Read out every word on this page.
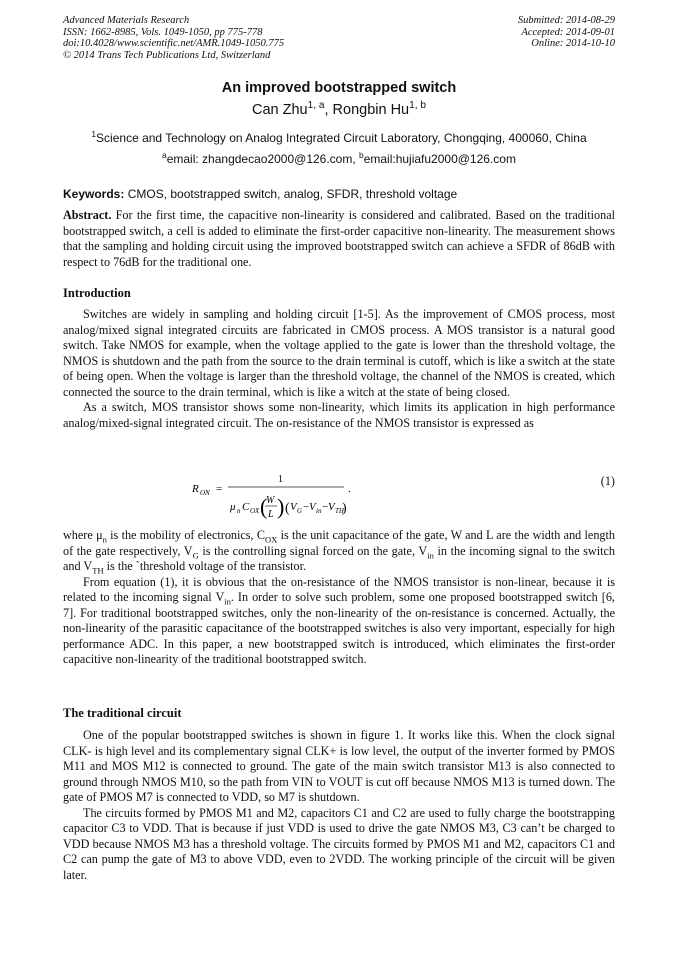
Advanced Materials Research
ISSN: 1662-8985, Vols. 1049-1050, pp 775-778
doi:10.4028/www.scientific.net/AMR.1049-1050.775
© 2014 Trans Tech Publications Ltd, Switzerland
Submitted: 2014-08-29
Accepted: 2014-09-01
Online: 2014-10-10
An improved bootstrapped switch
Can Zhu$^{1, a}$, Rongbin Hu$^{1, b}$
$^1$Science and Technology on Analog Integrated Circuit Laboratory, Chongqing, 400060, China
$^a$email: zhangdecao2000@126.com, $^b$email:hujiafu2000@126.com
Keywords: CMOS, bootstrapped switch, analog, SFDR, threshold voltage

Abstract. For the first time, the capacitive non-linearity is considered and calibrated. Based on the traditional bootstrapped switch, a cell is added to eliminate the first-order capacitive non-linearity. The measurement shows that the sampling and holding circuit using the improved bootstrapped switch can achieve a SFDR of 86dB with respect to 76dB for the traditional one.

Introduction

Switches are widely in sampling and holding circuit [1-5]. As the improvement of CMOS process, most analog/mixed signal integrated circuits are fabricated in CMOS process. A MOS transistor is a natural good switch. Take NMOS for example, when the voltage applied to the gate is lower than the threshold voltage, the NMOS is shutdown and the path from the source to the drain terminal is cutoff, which is like a switch at the state of being open. When the voltage is larger than the threshold voltage, the channel of the NMOS is created, which connected the source to the drain terminal, which is like a witch at the state of being closed.

As a switch, MOS transistor shows some non-linearity, which limits its application in high performance analog/mixed-signal integrated circuit. The on-resistance of the NMOS transistor is expressed as

R ON =
1
μ n C OX (
W
L ) ( V G − V in − V TH
)
.
(1)

where $\mu_n$ is the mobility of electronics, $C_{OX}$ is the unit capacitance of the gate, W and L are the width and length of the gate respectively, $V_G$ is the controlling signal forced on the gate, $V_{in}$ in the incoming signal to the switch and $V_{TH}$ is the `threshold voltage of the transistor.

From equation (1), it is obvious that the on-resistance of the NMOS transistor is non-linear, because it is related to the incoming signal $V_{in}$. In order to solve such problem, some one proposed bootstrapped switch [6, 7]. For traditional bootstrapped switches, only the non-linearity of the on-resistance is concerned. Actually, the non-linearity of the parasitic capacitance of the bootstrapped switches is also very important, especially for high performance ADC. In this paper, a new bootstrapped switch is introduced, which eliminates the first-order capacitive non-linearity of the traditional bootstrapped switch.

The traditional circuit

One of the popular bootstrapped switches is shown in figure 1. It works like this. When the clock signal CLK- is high level and its complementary signal CLK+ is low level, the output of the inverter formed by PMOS M11 and MOS M12 is connected to ground. The gate of the main switch transistor M13 is also connected to ground through NMOS M10, so the path from VIN to VOUT is cut off because NMOS M13 is turned down. The gate of PMOS M7 is connected to VDD, so M7 is shutdown.

The circuits formed by PMOS M1 and M2, capacitors C1 and C2 are used to fully charge the bootstrapping capacitor C3 to VDD. That is because if just VDD is used to drive the gate NMOS M3, C3 can’t be charged to VDD because NMOS M3 has a threshold voltage. The circuits formed by PMOS M1 and M2, capacitors C1 and C2 can pump the gate of M3 to above VDD, even to 2VDD. The working principle of the circuit will be given later.
